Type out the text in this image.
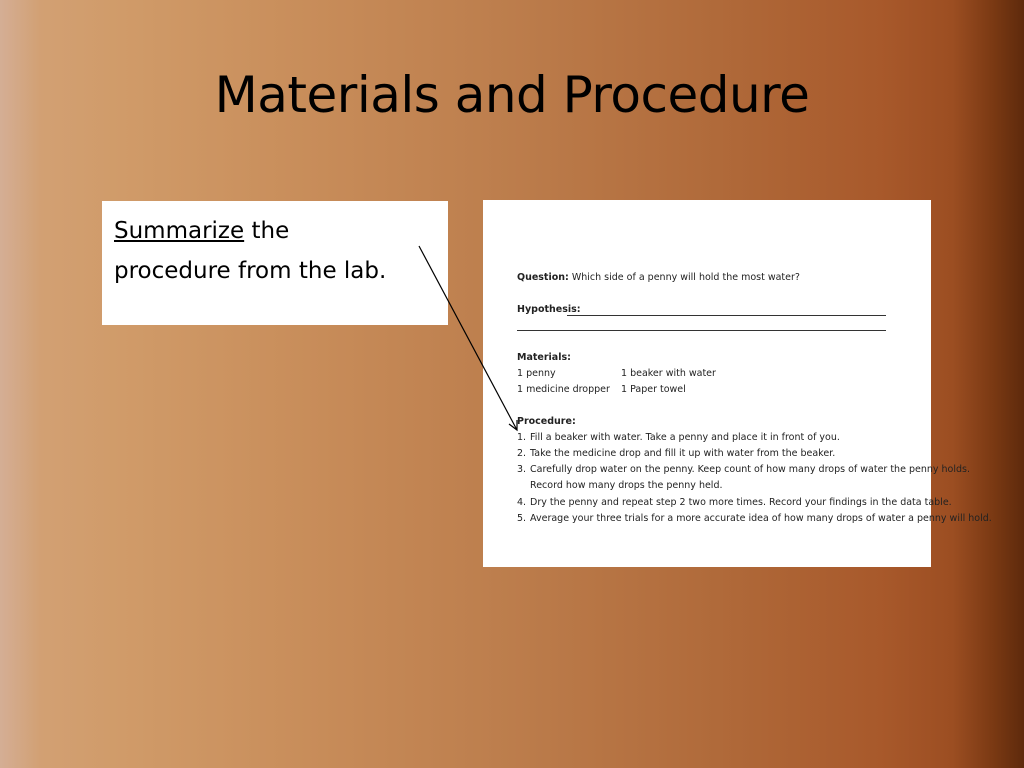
Materials and Procedure
Summarize the
procedure from the lab.	Question: Which side of a penny will hold the most water?
Hypothesis:
Materials:
1 penny	1 beaker with water
1 medicine dropper 1 Paper towel
Procedure:
1. Fill a beaker with water. Take a penny and place it in front of you.
2. Take the medicine drop and fill it up with water from the beaker.
3. Carefully drop water on the penny. Keep count of how many drops of water the penny holds.
Record how many drops the penny held.
4. Dry the penny and repeat step 2 two more times. Record your findings in the data table.
5. Average your three trials for a more accurate idea of how many drops of water a penny will hold.
